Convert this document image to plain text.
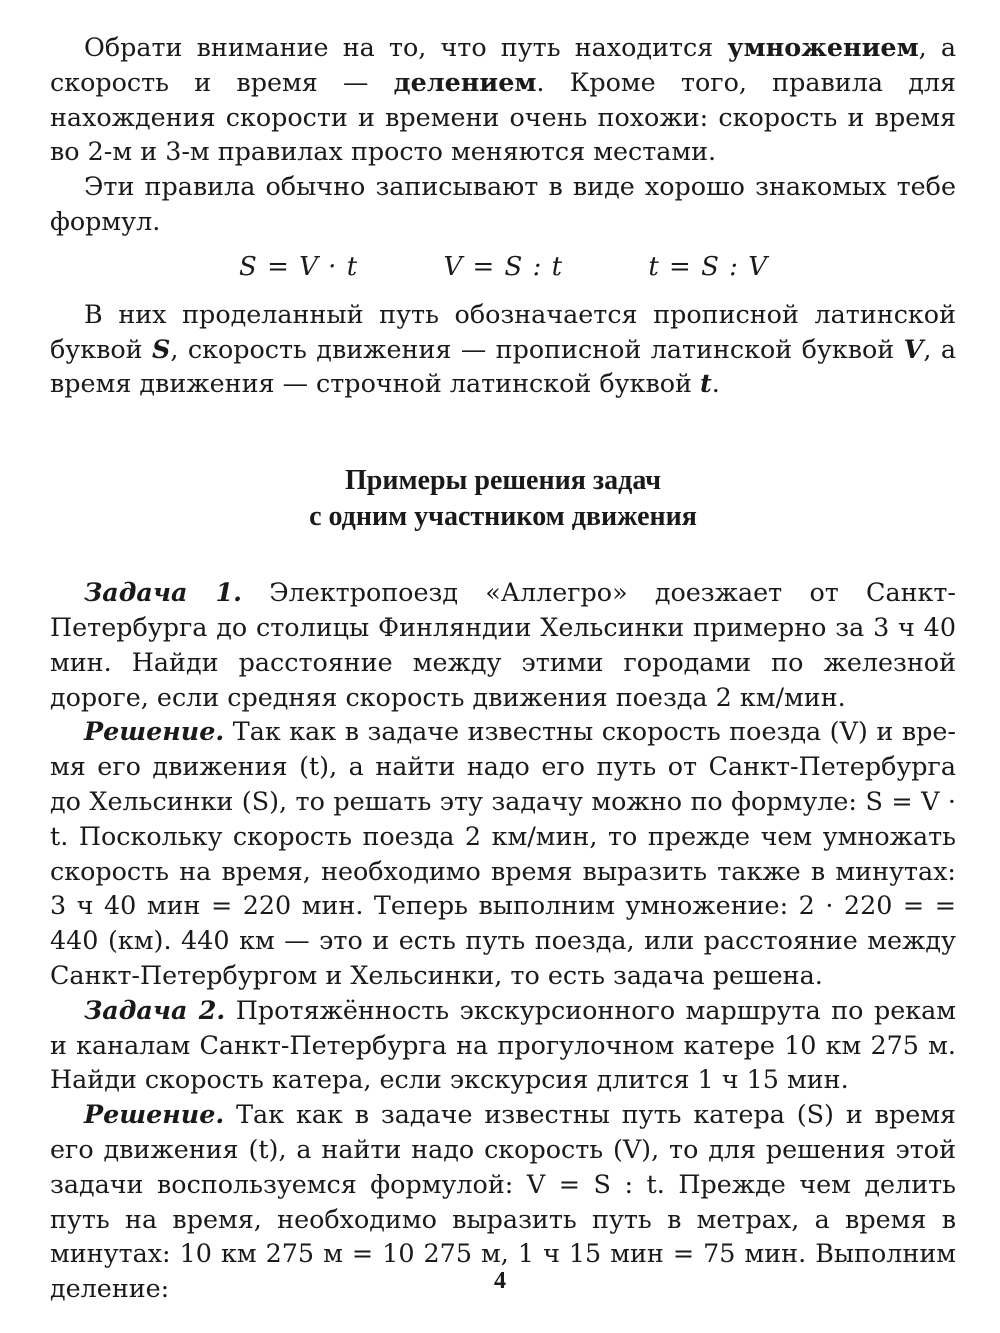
Обрати внимание на то, что путь находится умножением, а скорость и время — делением. Кроме того, правила для нахождения скорости и времени очень похожи: скорость и время во 2-м и 3-м правилах просто меняются местами.

Эти правила обычно записывают в виде хорошо знакомых тебе формул.

S = V · t	V = S : t	t = S : V

В них проделанный путь обозначается прописной латинской буквой S, скорость движения — прописной латинской буквой V, а время движения — строчной латинской буквой t.

Примеры решения задач
с одним участником движения

Задача 1. Электропоезд «Аллегро» доезжает от Санкт-Петербурга до столицы Финляндии Хельсинки примерно за 3 ч 40 мин. Найди расстояние между этими городами по железной дороге, если средняя скорость движения поезда 2 км/мин.

Решение. Так как в задаче известны скорость поезда (V) и время его движения (t), а найти надо его путь от Санкт-Петербурга до Хельсинки (S), то решать эту задачу можно по формуле: S = V · t. Поскольку скорость поезда 2 км/мин, то прежде чем умножать скорость на время, необходимо время выразить также в минутах: 3 ч 40 мин = 220 мин. Теперь выполним умножение: 2 · 220 = = 440 (км). 440 км — это и есть путь поезда, или расстояние между Санкт-Петербургом и Хельсинки, то есть задача решена.

Задача 2. Протяжённость экскурсионного маршрута по рекам и каналам Санкт-Петербурга на прогулочном катере 10 км 275 м. Найди скорость катера, если экскурсия длится 1 ч 15 мин.

Решение. Так как в задаче известны путь катера (S) и время его движения (t), а найти надо скорость (V), то для решения этой задачи воспользуемся формулой: V = S : t. Прежде чем делить путь на время, необходимо выразить путь в метрах, а время в минутах: 10 км 275 м = 10 275 м, 1 ч 15 мин = 75 мин. Выполним деление:	4
